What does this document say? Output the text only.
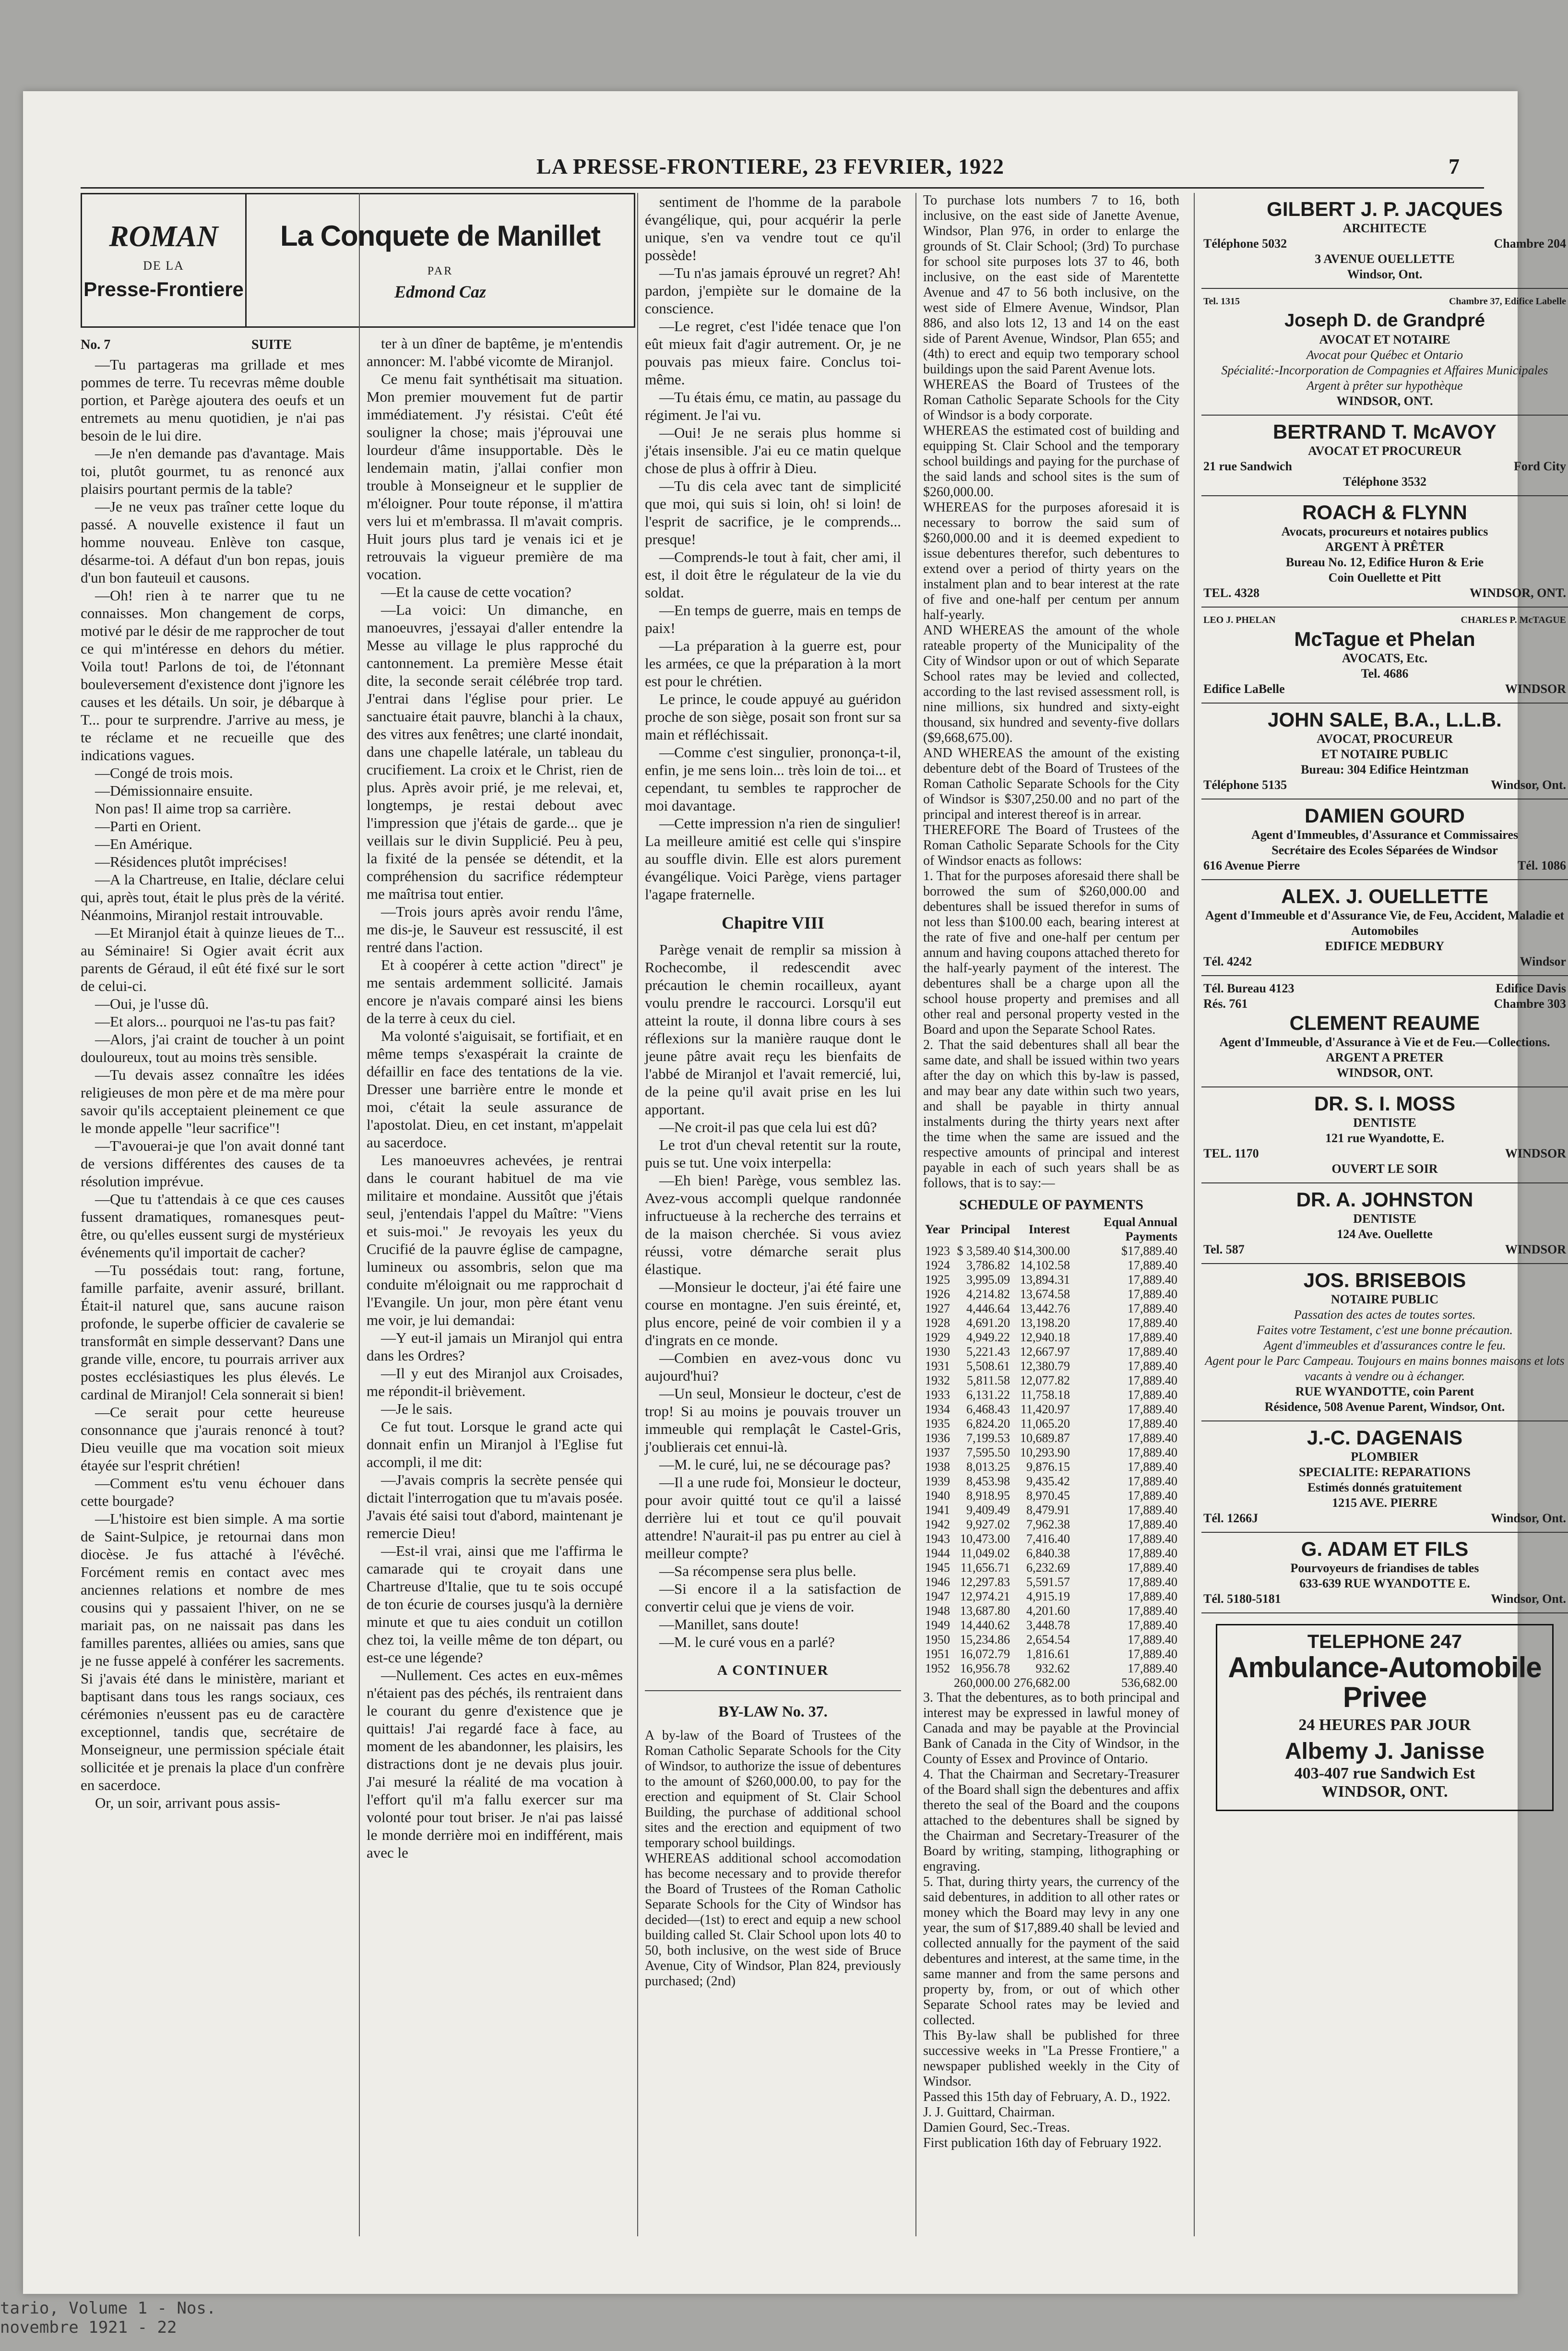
LA PRESSE-FRONTIERE, 23 FEVRIER, 1922	7
ROMAN
DE LA
Presse-Frontiere
La Conquete de Manillet
PAR
Edmond Caz
No. 7	SUITE

—Tu partageras ma grillade et mes pommes de terre. Tu recevras même double portion, et Parège ajoutera des oeufs et un entremets au menu quotidien, je n'ai pas besoin de le lui dire.

—Je n'en demande pas d'avantage. Mais toi, plutôt gourmet, tu as renoncé aux plaisirs pourtant permis de la table?

—Je ne veux pas traîner cette loque du passé. A nouvelle existence il faut un homme nouveau. Enlève ton casque, désarme-toi. A défaut d'un bon repas, jouis d'un bon fauteuil et causons.

—Oh! rien à te narrer que tu ne connaisses. Mon changement de corps, motivé par le désir de me rapprocher de tout ce qui m'intéresse en dehors du métier. Voila tout! Parlons de toi, de l'étonnant bouleversement d'existence dont j'ignore les causes et les détails. Un soir, je débarque à T... pour te surprendre. J'arrive au mess, je te réclame et ne recueille que des indications vagues.

—Congé de trois mois.

—Démissionnaire ensuite.

Non pas! Il aime trop sa carrière.

—Parti en Orient.

—En Amérique.

—Résidences plutôt imprécises!

—A la Chartreuse, en Italie, déclare celui qui, après tout, était le plus près de la vérité. Néanmoins, Miranjol restait introuvable.

—Et Miranjol était à quinze lieues de T... au Séminaire! Si Ogier avait écrit aux parents de Géraud, il eût été fixé sur le sort de celui-ci.

—Oui, je l'usse dû.

—Et alors... pourquoi ne l'as-tu pas fait?

—Alors, j'ai craint de toucher à un point douloureux, tout au moins très sensible.

—Tu devais assez connaître les idées religieuses de mon père et de ma mère pour savoir qu'ils acceptaient pleinement ce que le monde appelle "leur sacrifice"!

—T'avouerai-je que l'on avait donné tant de versions différentes des causes de ta résolution imprévue.

—Que tu t'attendais à ce que ces causes fussent dramatiques, romanesques peut-être, ou qu'elles eussent surgi de mystérieux événements qu'il importait de cacher?

—Tu possédais tout: rang, fortune, famille parfaite, avenir assuré, brillant. Était-il naturel que, sans aucune raison profonde, le superbe officier de cavalerie se transformât en simple desservant? Dans une grande ville, encore, tu pourrais arriver aux postes ecclésiastiques les plus élevés. Le cardinal de Miranjol! Cela sonnerait si bien!

—Ce serait pour cette heureuse consonnance que j'aurais renoncé à tout? Dieu veuille que ma vocation soit mieux étayée sur l'esprit chrétien!

—Comment es'tu venu échouer dans cette bourgade?

—L'histoire est bien simple. A ma sortie de Saint-Sulpice, je retournai dans mon diocèse. Je fus attaché à l'évêché. Forcément remis en contact avec mes anciennes relations et nombre de mes cousins qui y passaient l'hiver, on ne se mariait pas, on ne naissait pas dans les familles parentes, alliées ou amies, sans que je ne fusse appelé à conférer les sacrements. Si j'avais été dans le ministère, mariant et baptisant dans tous les rangs sociaux, ces cérémonies n'eussent pas eu de caractère exceptionnel, tandis que, secrétaire de Monseigneur, une permission spéciale était sollicitée et je prenais la place d'un confrère en sacerdoce.

Or, un soir, arrivant pous assis-

ter à un dîner de baptême, je m'entendis annoncer: M. l'abbé vicomte de Miranjol.

Ce menu fait synthétisait ma situation. Mon premier mouvement fut de partir immédiatement. J'y résistai. C'eût été souligner la chose; mais j'éprouvai une lourdeur d'âme insupportable. Dès le lendemain matin, j'allai confier mon trouble à Monseigneur et le supplier de m'éloigner. Pour toute réponse, il m'attira vers lui et m'embrassa. Il m'avait compris. Huit jours plus tard je venais ici et je retrouvais la vigueur première de ma vocation.

—Et la cause de cette vocation?

—La voici: Un dimanche, en manoeuvres, j'essayai d'aller entendre la Messe au village le plus rapproché du cantonnement. La première Messe était dite, la seconde serait célébrée trop tard. J'entrai dans l'église pour prier. Le sanctuaire était pauvre, blanchi à la chaux, des vitres aux fenêtres; une clarté inondait, dans une chapelle latérale, un tableau du crucifiement. La croix et le Christ, rien de plus. Après avoir prié, je me relevai, et, longtemps, je restai debout avec l'impression que j'étais de garde... que je veillais sur le divin Supplicié. Peu à peu, la fixité de la pensée se détendit, et la compréhension du sacrifice rédempteur me maîtrisa tout entier.

—Trois jours après avoir rendu l'âme, me dis-je, le Sauveur est ressuscité, il est rentré dans l'action.

Et à coopérer à cette action "direct" je me sentais ardemment sollicité. Jamais encore je n'avais comparé ainsi les biens de la terre à ceux du ciel.

Ma volonté s'aiguisait, se fortifiait, et en même temps s'exaspérait la crainte de défaillir en face des tentations de la vie. Dresser une barrière entre le monde et moi, c'était la seule assurance de l'apostolat. Dieu, en cet instant, m'appelait au sacerdoce.

Les manoeuvres achevées, je rentrai dans le courant habituel de ma vie militaire et mondaine. Aussitôt que j'étais seul, j'entendais l'appel du Maître: "Viens et suis-moi." Je revoyais les yeux du Crucifié de la pauvre église de campagne, lumineux ou assombris, selon que ma conduite m'éloignait ou me rapprochait d l'Evangile. Un jour, mon père étant venu me voir, je lui demandai:

—Y eut-il jamais un Miranjol qui entra dans les Ordres?

—Il y eut des Miranjol aux Croisades, me répondit-il brièvement.

—Je le sais.

Ce fut tout. Lorsque le grand acte qui donnait enfin un Miranjol à l'Eglise fut accompli, il me dit:

—J'avais compris la secrète pensée qui dictait l'interrogation que tu m'avais posée. J'avais été saisi tout d'abord, maintenant je remercie Dieu!

—Est-il vrai, ainsi que me l'affirma le camarade qui te croyait dans une Chartreuse d'Italie, que tu te sois occupé de ton écurie de courses jusqu'à la dernière minute et que tu aies conduit un cotillon chez toi, la veille même de ton départ, ou est-ce une légende?

—Nullement. Ces actes en eux-mêmes n'étaient pas des péchés, ils rentraient dans le courant du genre d'existence que je quittais! J'ai regardé face à face, au moment de les abandonner, les plaisirs, les distractions dont je ne devais plus jouir. J'ai mesuré la réalité de ma vocation à l'effort qu'il m'a fallu exercer sur ma volonté pour tout briser. Je n'ai pas laissé le monde derrière moi en indifférent, mais avec le

sentiment de l'homme de la parabole évangélique, qui, pour acquérir la perle unique, s'en va vendre tout ce qu'il possède!

—Tu n'as jamais éprouvé un regret? Ah! pardon, j'empiète sur le domaine de la conscience.

—Le regret, c'est l'idée tenace que l'on eût mieux fait d'agir autrement. Or, je ne pouvais pas mieux faire. Conclus toi-même.

—Tu étais ému, ce matin, au passage du régiment. Je l'ai vu.

—Oui! Je ne serais plus homme si j'étais insensible. J'ai eu ce matin quelque chose de plus à offrir à Dieu.

—Tu dis cela avec tant de simplicité que moi, qui suis si loin, oh! si loin! de l'esprit de sacrifice, je le comprends... presque!

—Comprends-le tout à fait, cher ami, il est, il doit être le régulateur de la vie du soldat.

—En temps de guerre, mais en temps de paix!

—La préparation à la guerre est, pour les armées, ce que la préparation à la mort est pour le chrétien.

Le prince, le coude appuyé au guéridon proche de son siège, posait son front sur sa main et réfléchissait.

—Comme c'est singulier, prononça-t-il, enfin, je me sens loin... très loin de toi... et cependant, tu sembles te rapprocher de moi davantage.

—Cette impression n'a rien de singulier! La meilleure amitié est celle qui s'inspire au souffle divin. Elle est alors purement évangélique. Voici Parège, viens partager l'agape fraternelle.

Chapitre VIII

Parège venait de remplir sa mission à Rochecombe, il redescendit avec précaution le chemin rocailleux, ayant voulu prendre le raccourci. Lorsqu'il eut atteint la route, il donna libre cours à ses réflexions sur la manière rauque dont le jeune pâtre avait reçu les bienfaits de l'abbé de Miranjol et l'avait remercié, lui, de la peine qu'il avait prise en les lui apportant.

—Ne croit-il pas que cela lui est dû?

Le trot d'un cheval retentit sur la route, puis se tut. Une voix interpella:

—Eh bien! Parège, vous semblez las. Avez-vous accompli quelque randonnée infructueuse à la recherche des terrains et de la maison cherchée. Si vous aviez réussi, votre démarche serait plus élastique.

—Monsieur le docteur, j'ai été faire une course en montagne. J'en suis éreinté, et, plus encore, peiné de voir combien il y a d'ingrats en ce monde.

—Combien en avez-vous donc vu aujourd'hui?

—Un seul, Monsieur le docteur, c'est de trop! Si au moins je pouvais trouver un immeuble qui remplaçât le Castel-Gris, j'oublierais cet ennui-là.

—M. le curé, lui, ne se décourage pas?

—Il a une rude foi, Monsieur le docteur, pour avoir quitté tout ce qu'il a laissé derrière lui et tout ce qu'il pouvait attendre! N'aurait-il pas pu entrer au ciel à meilleur compte?

—Sa récompense sera plus belle.

—Si encore il a la satisfaction de convertir celui que je viens de voir.

—Manillet, sans doute!

—M. le curé vous en a parlé?

A CONTINUER
BY-LAW No. 37.

A by-law of the Board of Trustees of the Roman Catholic Separate Schools for the City of Windsor, to authorize the issue of debentures to the amount of $260,000.00, to pay for the erection and equipment of St. Clair School Building, the purchase of additional school sites and the erection and equipment of two temporary school buildings.

WHEREAS additional school accomodation has become necessary and to provide therefor the Board of Trustees of the Roman Catholic Separate Schools for the City of Windsor has decided—(1st) to erect and equip a new school building called St. Clair School upon lots 40 to 50, both inclusive, on the west side of Bruce Avenue, City of Windsor, Plan 824, previously purchased; (2nd)

To purchase lots numbers 7 to 16, both inclusive, on the east side of Janette Avenue, Windsor, Plan 976, in order to enlarge the grounds of St. Clair School; (3rd) To purchase for school site purposes lots 37 to 46, both inclusive, on the east side of Marentette Avenue and 47 to 56 both inclusive, on the west side of Elmere Avenue, Windsor, Plan 886, and also lots 12, 13 and 14 on the east side of Parent Avenue, Windsor, Plan 655; and (4th) to erect and equip two temporary school buildings upon the said Parent Avenue lots.

WHEREAS the Board of Trustees of the Roman Catholic Separate Schools for the City of Windsor is a body corporate.

WHEREAS the estimated cost of building and equipping St. Clair School and the temporary school buildings and paying for the purchase of the said lands and school sites is the sum of $260,000.00.

WHEREAS for the purposes aforesaid it is necessary to borrow the said sum of $260,000.00 and it is deemed expedient to issue debentures therefor, such debentures to extend over a period of thirty years on the instalment plan and to bear interest at the rate of five and one-half per centum per annum half-yearly.

AND WHEREAS the amount of the whole rateable property of the Municipality of the City of Windsor upon or out of which Separate School rates may be levied and collected, according to the last revised assessment roll, is nine millions, six hundred and sixty-eight thousand, six hundred and seventy-five dollars ($9,668,675.00).

AND WHEREAS the amount of the existing debenture debt of the Board of Trustees of the Roman Catholic Separate Schools for the City of Windsor is $307,250.00 and no part of the principal and interest thereof is in arrear.

THEREFORE The Board of Trustees of the Roman Catholic Separate Schools for the City of Windsor enacts as follows:

1. That for the purposes aforesaid there shall be borrowed the sum of $260,000.00 and debentures shall be issued therefor in sums of not less than $100.00 each, bearing interest at the rate of five and one-half per centum per annum and having coupons attached thereto for the half-yearly payment of the interest. The debentures shall be a charge upon all the school house property and premises and all other real and personal property vested in the Board and upon the Separate School Rates.

2. That the said debentures shall all bear the same date, and shall be issued within two years after the day on which this by-law is passed, and may bear any date within such two years, and shall be payable in thirty annual instalments during the thirty years next after the time when the same are issued and the respective amounts of principal and interest payable in each of such years shall be as follows, that is to say:—

SCHEDULE OF PAYMENTS
Year	Principal	Interest	Equal Annual Payments
1923	$ 3,589.40	$14,300.00	$17,889.40
1924	3,786.82	14,102.58	17,889.40
1925	3,995.09	13,894.31	17,889.40
1926	4,214.82	13,674.58	17,889.40
1927	4,446.64	13,442.76	17,889.40
1928	4,691.20	13,198.20	17,889.40
1929	4,949.22	12,940.18	17,889.40
1930	5,221.43	12,667.97	17,889.40
1931	5,508.61	12,380.79	17,889.40
1932	5,811.58	12,077.82	17,889.40
1933	6,131.22	11,758.18	17,889.40
1934	6,468.43	11,420.97	17,889.40
1935	6,824.20	11,065.20	17,889.40
1936	7,199.53	10,689.87	17,889.40
1937	7,595.50	10,293.90	17,889.40
1938	8,013.25	9,876.15	17,889.40
1939	8,453.98	9,435.42	17,889.40
1940	8,918.95	8,970.45	17,889.40
1941	9,409.49	8,479.91	17,889.40
1942	9,927.02	7,962.38	17,889.40
1943	10,473.00	7,416.40	17,889.40
1944	11,049.02	6,840.38	17,889.40
1945	11,656.71	6,232.69	17,889.40
1946	12,297.83	5,591.57	17,889.40
1947	12,974.21	4,915.19	17,889.40
1948	13,687.80	4,201.60	17,889.40
1949	14,440.62	3,448.78	17,889.40
1950	15,234.86	2,654.54	17,889.40
1951	16,072.79	1,816.61	17,889.40
1952	16,956.78	932.62	17,889.40
	260,000.00	276,682.00	536,682.00

3. That the debentures, as to both principal and interest may be expressed in lawful money of Canada and may be payable at the Provincial Bank of Canada in the City of Windsor, in the County of Essex and Province of Ontario.

4. That the Chairman and Secretary-Treasurer of the Board shall sign the debentures and affix thereto the seal of the Board and the coupons attached to the debentures shall be signed by the Chairman and Secretary-Treasurer of the Board by writing, stamping, lithographing or engraving.

5. That, during thirty years, the currency of the said debentures, in addition to all other rates or money which the Board may levy in any one year, the sum of $17,889.40 shall be levied and collected annually for the payment of the said debentures and interest, at the same time, in the same manner and from the same persons and property by, from, or out of which other Separate School rates may be levied and collected.

This By-law shall be published for three successive weeks in "La Presse Frontiere," a newspaper published weekly in the City of Windsor.

Passed this 15th day of February, A. D., 1922.

J. J. Guittard, Chairman.

Damien Gourd, Sec.-Treas.

First publication 16th day of February 1922.

GILBERT J. P. JACQUES
ARCHITECTE
Téléphone 5032	Chambre 204
3 AVENUE OUELLETTE
Windsor, Ont.
Tel. 1315	Chambre 37, Edifice Labelle
Joseph D. de Grandpré
AVOCAT ET NOTAIRE
Avocat pour Québec et Ontario
Spécialité:-Incorporation de Compagnies et Affaires Municipales
Argent à prêter sur hypothèque
WINDSOR, ONT.
BERTRAND T. McAVOY
AVOCAT ET PROCUREUR
21 rue Sandwich	Ford City
Téléphone 3532
ROACH & FLYNN
Avocats, procureurs et notaires publics
ARGENT À PRÊTER
Bureau No. 12, Edifice Huron & Erie
Coin Ouellette et Pitt
TEL. 4328	WINDSOR, ONT.
LEO J. PHELAN	CHARLES P. McTAGUE
McTague et Phelan
AVOCATS, Etc.
Tel. 4686
Edifice LaBelle	WINDSOR
JOHN SALE, B.A., L.L.B.
AVOCAT, PROCUREUR
ET NOTAIRE PUBLIC
Bureau: 304 Edifice Heintzman
Téléphone 5135	Windsor, Ont.
DAMIEN GOURD
Agent d'Immeubles, d'Assurance et Commissaires
Secrétaire des Ecoles Séparées de Windsor
616 Avenue Pierre	Tél. 1086
ALEX. J. OUELLETTE
Agent d'Immeuble et d'Assurance Vie, de Feu, Accident, Maladie et Automobiles
EDIFICE MEDBURY
Tél. 4242	Windsor
Tél. Bureau 4123	Edifice Davis
Rés. 761	Chambre 303
CLEMENT REAUME
Agent d'Immeuble, d'Assurance à Vie et de Feu.—Collections.
ARGENT A PRETER
WINDSOR, ONT.
DR. S. I. MOSS
DENTISTE
121 rue Wyandotte, E.
TEL. 1170	WINDSOR
OUVERT LE SOIR
DR. A. JOHNSTON
DENTISTE
124 Ave. Ouellette
Tel. 587	WINDSOR
JOS. BRISEBOIS
NOTAIRE PUBLIC
Passation des actes de toutes sortes.
Faites votre Testament, c'est une bonne précaution.
Agent d'immeubles et d'assurances contre le feu.
Agent pour le Parc Campeau. Toujours en mains bonnes maisons et lots vacants à vendre ou à échanger.
RUE WYANDOTTE, coin Parent
Résidence, 508 Avenue Parent, Windsor, Ont.
J.-C. DAGENAIS
PLOMBIER
SPECIALITE: REPARATIONS
Estimés donnés gratuitement
1215 AVE. PIERRE
Tél. 1266J	Windsor, Ont.
G. ADAM ET FILS
Pourvoyeurs de friandises de tables
633-639 RUE WYANDOTTE E.
Tél. 5180-5181	Windsor, Ont.
TELEPHONE 247
Ambulance-Automobile Privee
24 HEURES PAR JOUR
Albemy J. Janisse
403-407 rue Sandwich Est
WINDSOR, ONT.
tario, Volume 1 - Nos.
novembre 1921 - 22
